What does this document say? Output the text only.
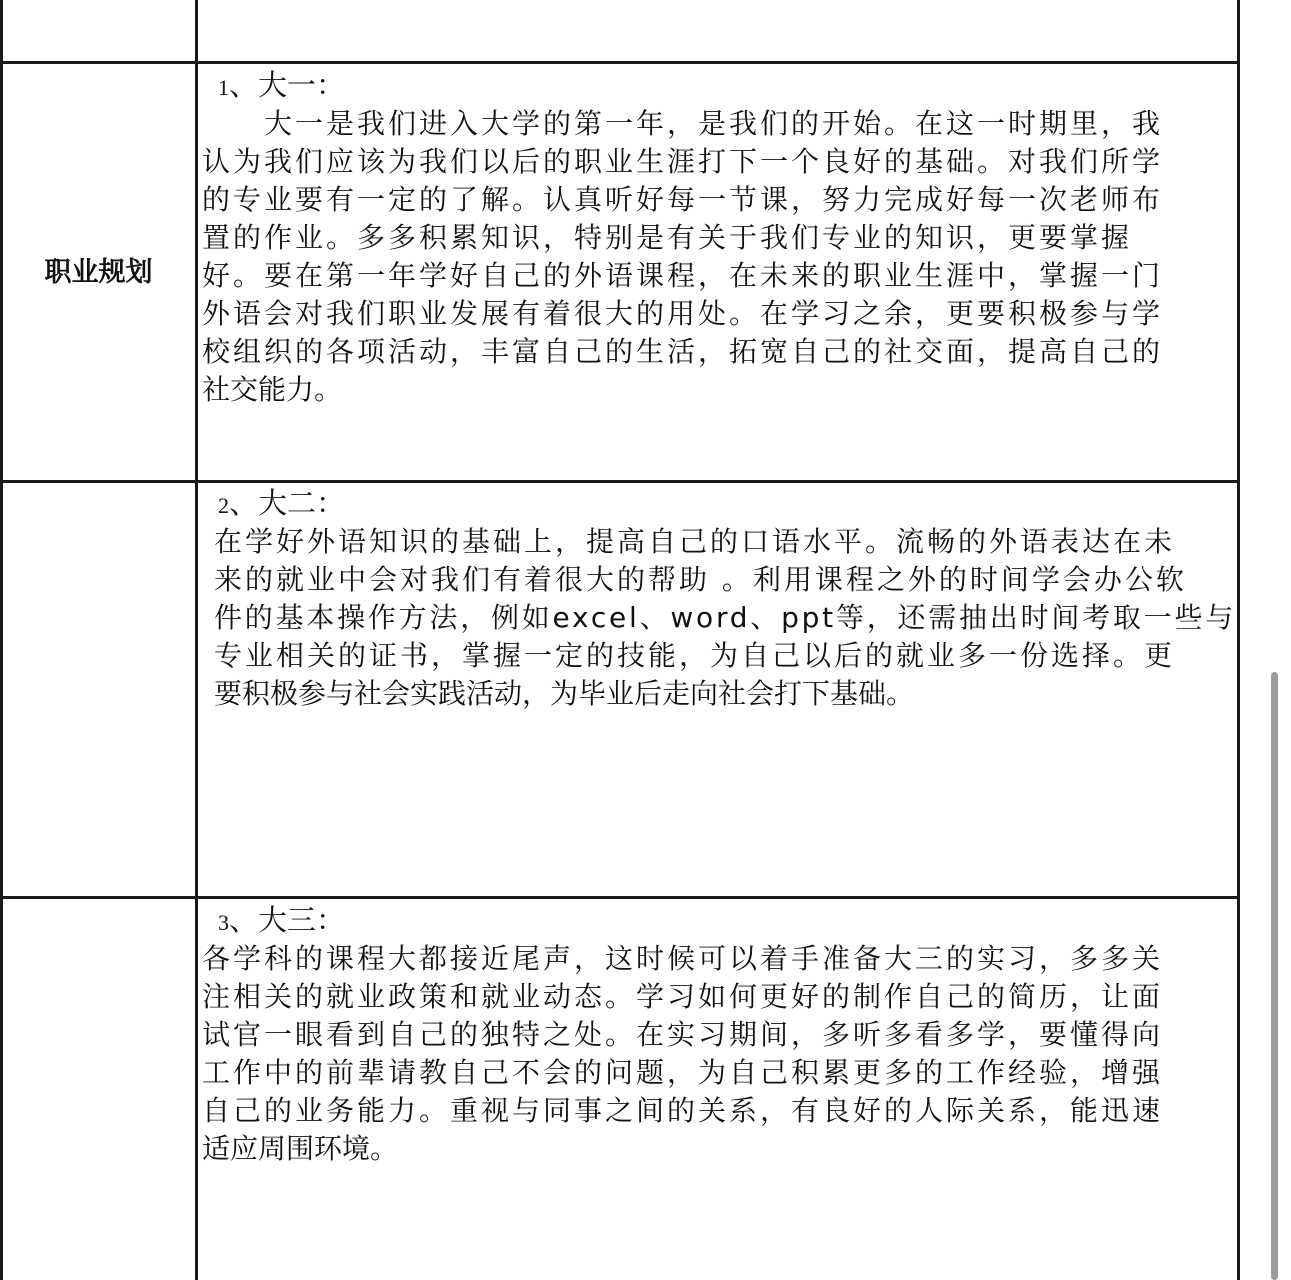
职业规划
1、大一：
大一是我们进入大学的第一年，是我们的开始。在这一时期里，我
认为我们应该为我们以后的职业生涯打下一个良好的基础。对我们所学
的专业要有一定的了解。认真听好每一节课，努力完成好每一次老师布
置的作业。多多积累知识，特别是有关于我们专业的知识，更要掌握
好。要在第一年学好自己的外语课程，在未来的职业生涯中，掌握一门
外语会对我们职业发展有着很大的用处。在学习之余，更要积极参与学
校组织的各项活动，丰富自己的生活，拓宽自己的社交面，提高自己的
社交能力。
2、大二：
在学好外语知识的基础上，提高自己的口语水平。流畅的外语表达在未
来的就业中会对我们有着很大的帮助 。利用课程之外的时间学会办公软
件的基本操作方法，例如excel、word、ppt等，还需抽出时间考取一些与
专业相关的证书，掌握一定的技能，为自己以后的就业多一份选择。更
要积极参与社会实践活动，为毕业后走向社会打下基础。
3、大三：
各学科的课程大都接近尾声，这时候可以着手准备大三的实习，多多关
注相关的就业政策和就业动态。学习如何更好的制作自己的简历，让面
试官一眼看到自己的独特之处。在实习期间，多听多看多学，要懂得向
工作中的前辈请教自己不会的问题，为自己积累更多的工作经验，增强
自己的业务能力。重视与同事之间的关系，有良好的人际关系，能迅速
适应周围环境。
